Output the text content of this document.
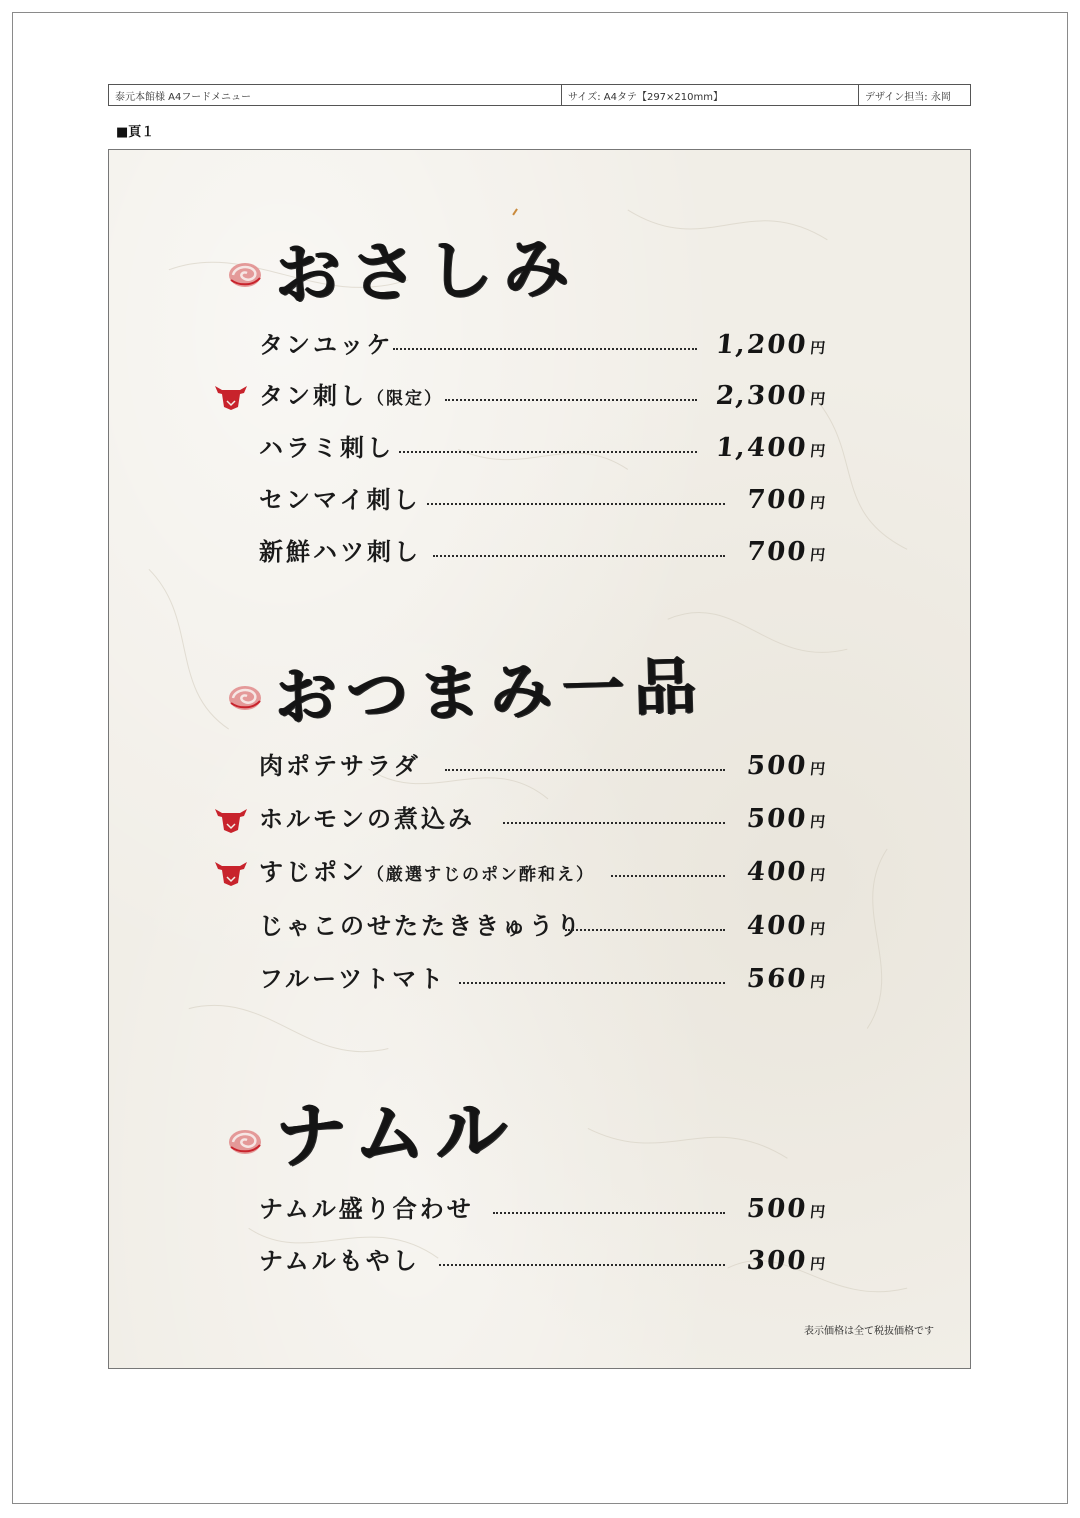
泰元本館様 A4フードメニュー	サイズ: A4タテ【297×210mm】	デザイン担当: 永岡
■頁１
おさしみ
タンユッケ	1,200円
タン刺し（限定）	2,300円
ハラミ刺し	1,400円
センマイ刺し	700円
新鮮ハツ刺し	700円
おつまみ一品
肉ポテサラダ	500円
ホルモンの煮込み	500円
すじポン（厳選すじのポン酢和え）	400円
じゃこのせたたききゅうり	400円
フルーツトマト	560円
ナムル
ナムル盛り合わせ	500円
ナムルもやし	300円
表示価格は全て税抜価格です
